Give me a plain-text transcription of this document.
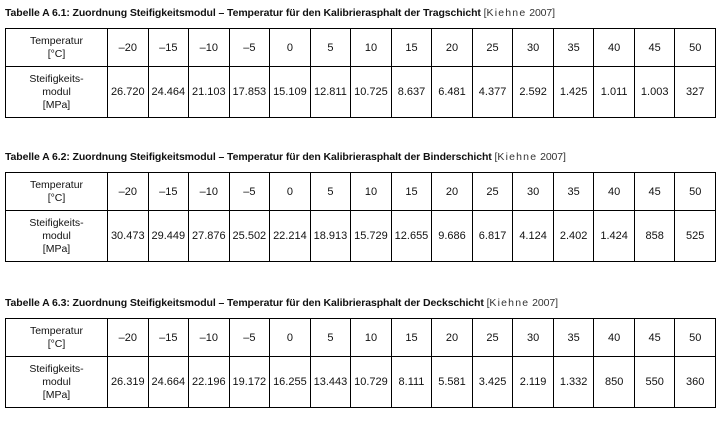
Tabelle A 6.1: Zuordnung Steifigkeitsmodul – Temperatur für den Kalibrierasphalt der Tragschicht [Kiehne 2007]
Temperatur
[°C]	–20	–15	–10	–5	0	5	10	15	20	25	30	35	40	45	50

Steifigkeits-
modul
[MPa]	26.720	24.464	21.103	17.853	15.109	12.811	10.725	8.637	6.481	4.377	2.592	1.425	1.011	1.003	327
Tabelle A 6.2: Zuordnung Steifigkeitsmodul – Temperatur für den Kalibrierasphalt der Binderschicht [Kiehne 2007]
Temperatur
[°C]	–20	–15	–10	–5	0	5	10	15	20	25	30	35	40	45	50

Steifigkeits-
modul
[MPa]	30.473	29.449	27.876	25.502	22.214	18.913	15.729	12.655	9.686	6.817	4.124	2.402	1.424	858	525
Tabelle A 6.3: Zuordnung Steifigkeitsmodul – Temperatur für den Kalibrierasphalt der Deckschicht [Kiehne 2007]
Temperatur
[°C]	–20	–15	–10	–5	0	5	10	15	20	25	30	35	40	45	50

Steifigkeits-
modul
[MPa]	26.319	24.664	22.196	19.172	16.255	13.443	10.729	8.111	5.581	3.425	2.119	1.332	850	550	360
